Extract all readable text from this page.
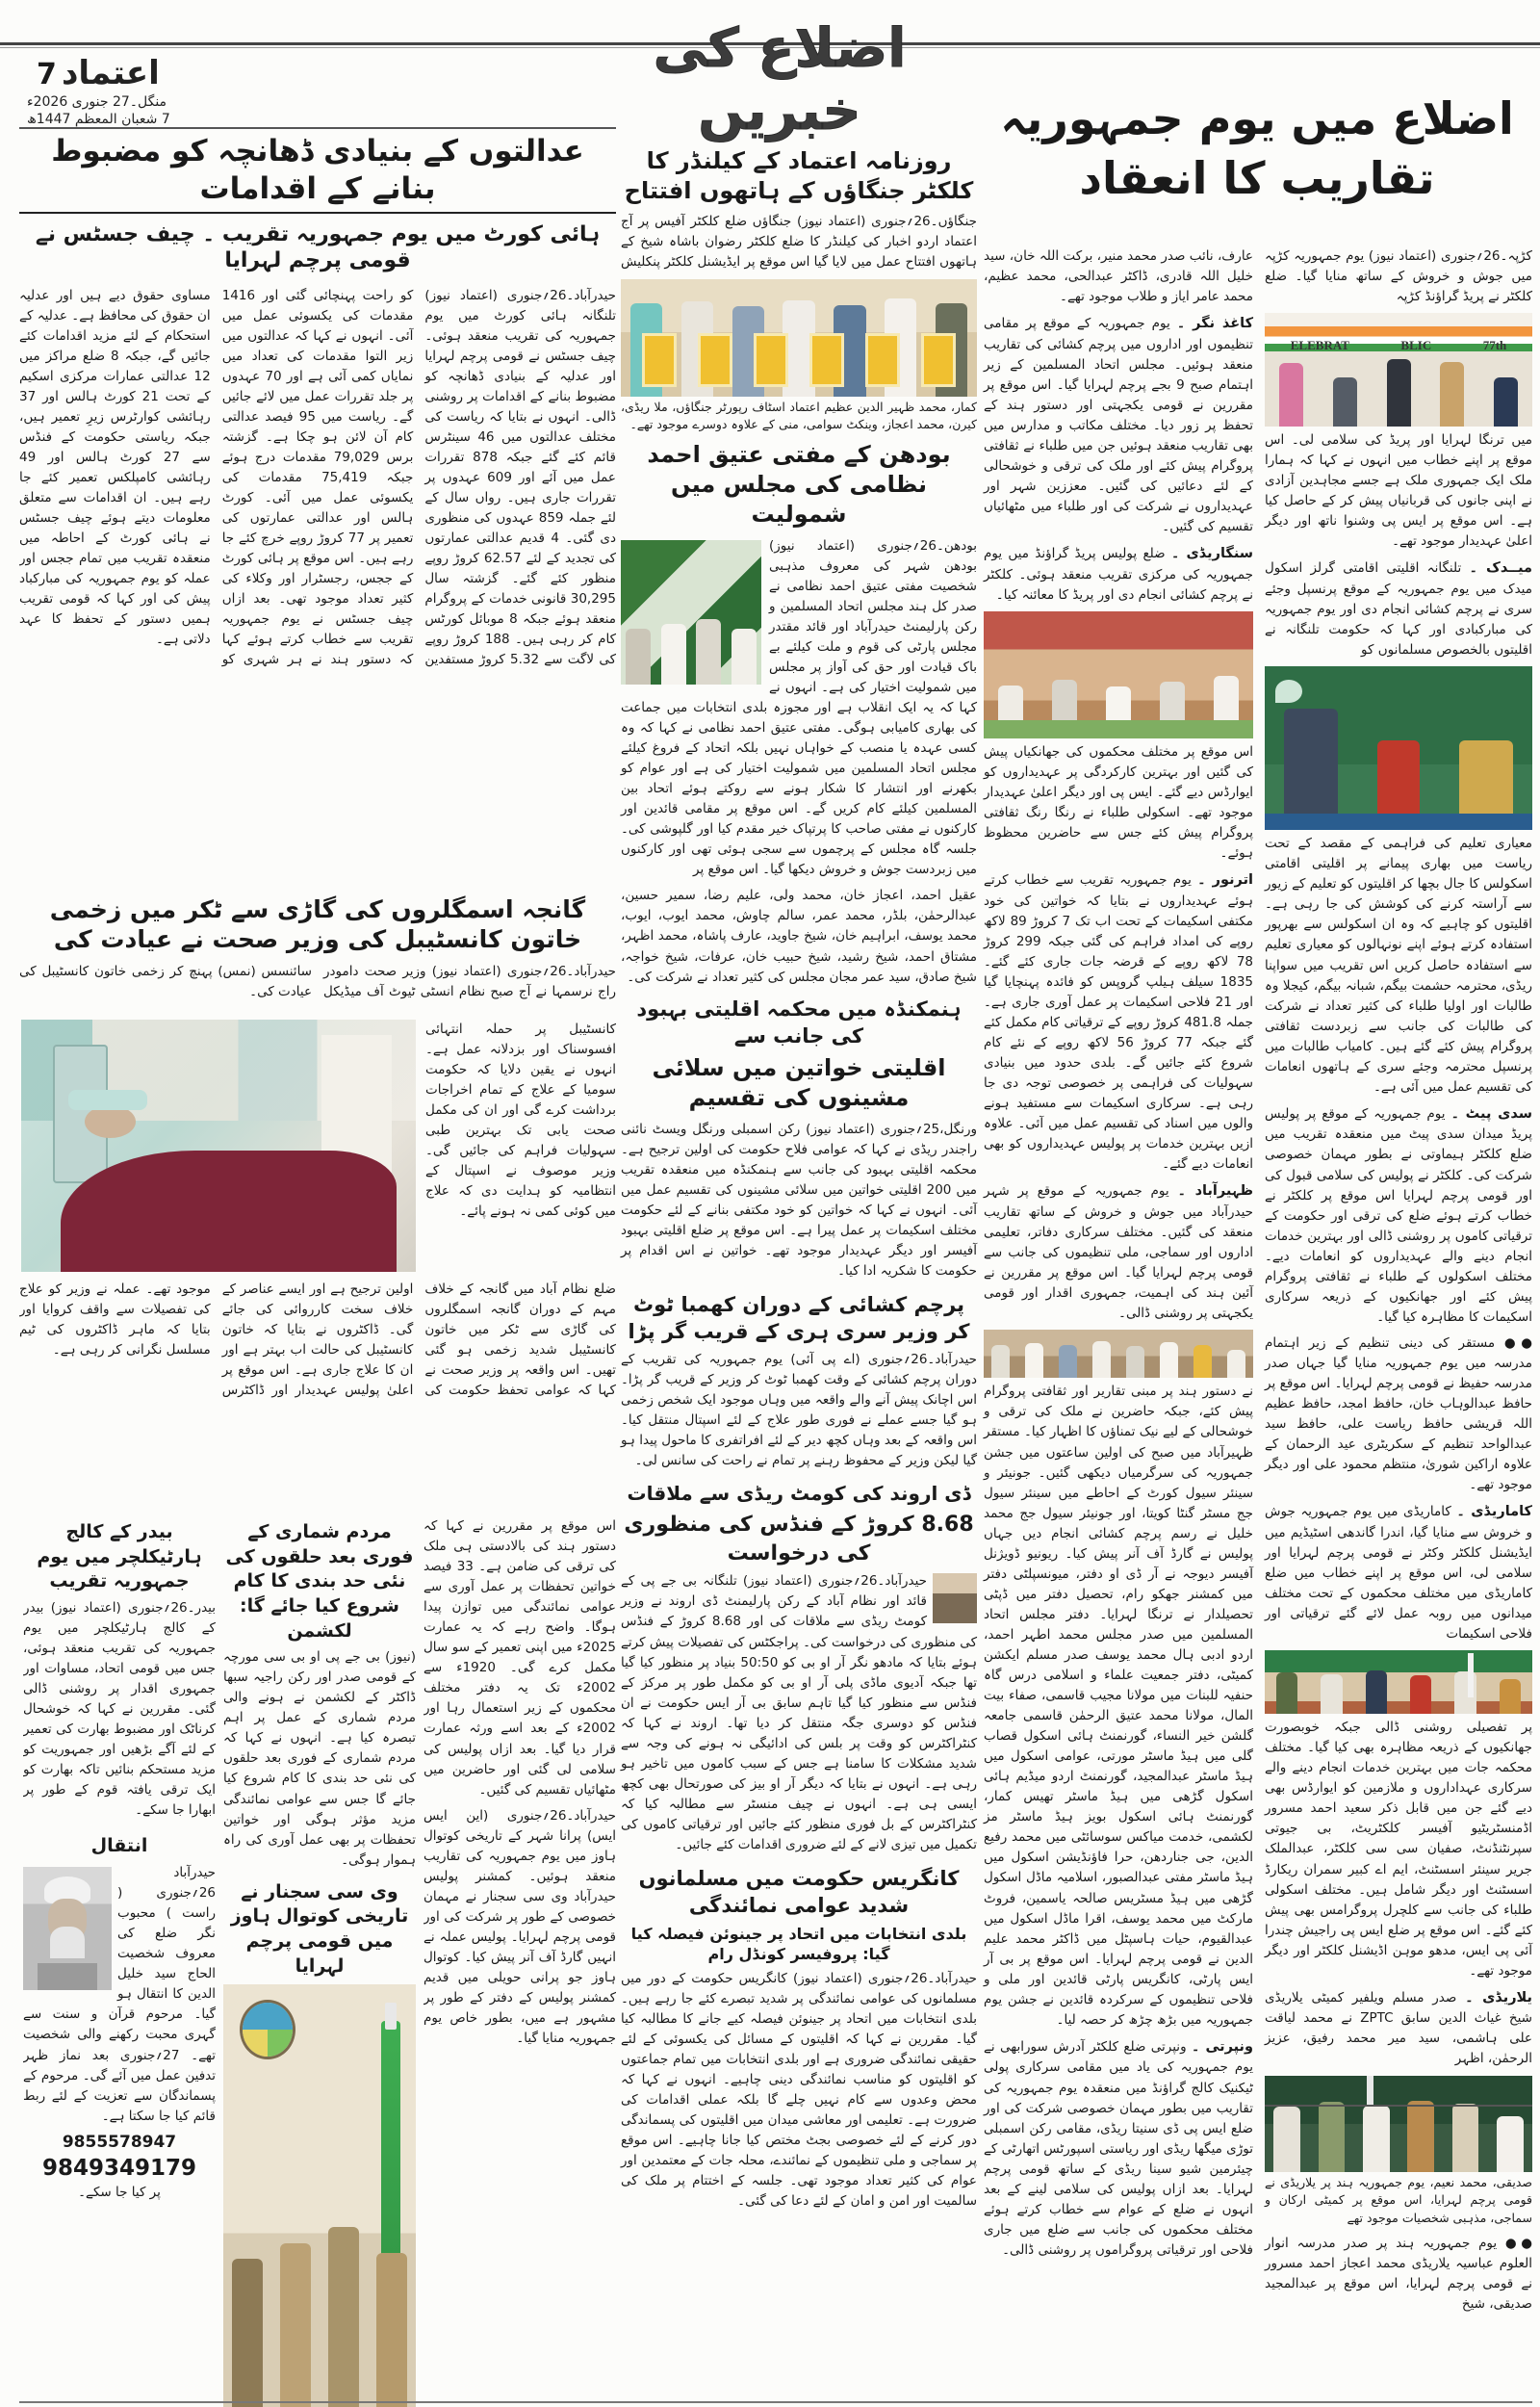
اعتماد 7
منگل۔27 جنوری 2026ء
7 شعبان المعظم 1447ھ
اضلاع کی خبریں
عدالتوں کے بنیادی ڈھانچہ کو مضبوط بنانے کے اقدامات
ہائی کورٹ میں یوم جمہوریہ تقریب ۔ چیف جسٹس نے قومی پرچم لہرایا

حیدرآباد۔26؍جنوری (اعتماد نیوز) تلنگانہ ہائی کورٹ میں یوم جمہوریہ کی تقریب منعقد ہوئی۔ چیف جسٹس نے قومی پرچم لہرایا اور عدلیہ کے بنیادی ڈھانچہ کو مضبوط بنانے کے اقدامات پر روشنی ڈالی۔ انہوں نے بتایا کہ ریاست کی مختلف عدالتوں میں 46 سینٹرس قائم کئے گئے جبکہ 878 تقررات عمل میں آئے اور 609 عہدوں پر تقررات جاری ہیں۔ رواں سال کے لئے جملہ 859 عہدوں کی منظوری دی گئی۔ 4 قدیم عدالتی عمارتوں کی تجدید کے لئے 62.57 کروڑ روپے منظور کئے گئے۔ گزشتہ سال 30,295 قانونی خدمات کے پروگرام منعقد ہوئے جبکہ 8 موبائل کورٹس کام کر رہی ہیں۔ 188 کروڑ روپے کی لاگت سے 5.32 کروڑ مستفدین کو راحت پہنچائی گئی اور 1416 مقدمات کی یکسوئی عمل میں آئی۔ انہوں نے کہا کہ عدالتوں میں زیر التوا مقدمات کی تعداد میں نمایاں کمی آئی ہے اور 70 عہدوں پر جلد تقررات عمل میں لائے جائیں گے۔ ریاست میں 95 فیصد عدالتی کام آن لائن ہو چکا ہے۔ گزشتہ برس 79,029 مقدمات درج ہوئے جبکہ 75,419 مقدمات کی یکسوئی عمل میں آئی۔ کورٹ ہالس اور عدالتی عمارتوں کی تعمیر پر 77 کروڑ روپے خرچ کئے جا رہے ہیں۔ اس موقع پر ہائی کورٹ کے ججس، رجسٹرار اور وکلاء کی کثیر تعداد موجود تھی۔ بعد ازاں چیف جسٹس نے یوم جمہوریہ تقریب سے خطاب کرتے ہوئے کہا کہ دستور ہند نے ہر شہری کو مساوی حقوق دیے ہیں اور عدلیہ ان حقوق کی محافظ ہے۔ عدلیہ کے استحکام کے لئے مزید اقدامات کئے جائیں گے، جبکہ 8 ضلع مراکز میں 12 عدالتی عمارات مرکزی اسکیم کے تحت 21 کورٹ ہالس اور 37 رہائشی کوارٹرس زیرِ تعمیر ہیں، جبکہ ریاستی حکومت کے فنڈس سے 27 کورٹ ہالس اور 49 رہائشی کامپلکس تعمیر کئے جا رہے ہیں۔ ان اقدامات سے متعلق معلومات دیتے ہوئے چیف جسٹس نے ہائی کورٹ کے احاطہ میں منعقدہ تقریب میں تمام ججس اور عملہ کو یوم جمہوریہ کی مبارکباد پیش کی اور کہا کہ قومی تقریب ہمیں دستور کے تحفظ کا عہد دلاتی ہے۔

گانجہ اسمگلروں کی گاڑی سے ٹکر میں زخمی خاتون کانسٹیبل کی وزیر صحت نے عیادت کی

حیدرآباد۔26؍جنوری (اعتماد نیوز) وزیر صحت دامودر راج نرسمہا نے آج صبح نظام انسٹی ٹیوٹ آف میڈیکل سائنسس (نمس) پہنچ کر زخمی خاتون کانسٹیبل کی عیادت کی۔

کانسٹیبل پر حملہ انتہائی افسوسناک اور بزدلانہ عمل ہے۔ انہوں نے یقین دلایا کہ حکومت سومیا کے علاج کے تمام اخراجات برداشت کرے گی اور ان کی مکمل صحت یابی تک بہترین طبی سہولیات فراہم کی جائیں گی۔ وزیر موصوف نے اسپتال کے انتظامیہ کو ہدایت دی کہ علاج میں کوئی کمی نہ ہونے پائے۔

ضلع نظام آباد میں گانجہ کے خلاف مہم کے دوران گانجہ اسمگلروں کی گاڑی سے ٹکر میں خاتون کانسٹیبل شدید زخمی ہو گئی تھیں۔ اس واقعہ پر وزیر صحت نے کہا کہ عوامی تحفظ حکومت کی اولین ترجیح ہے اور ایسے عناصر کے خلاف سخت کارروائی کی جائے گی۔ ڈاکٹروں نے بتایا کہ خاتون کانسٹیبل کی حالت اب بہتر ہے اور ان کا علاج جاری ہے۔ اس موقع پر اعلیٰ پولیس عہدیدار اور ڈاکٹرس موجود تھے۔ عملہ نے وزیر کو علاج کی تفصیلات سے واقف کروایا اور بتایا کہ ماہر ڈاکٹروں کی ٹیم مسلسل نگرانی کر رہی ہے۔

اس موقع پر مقررین نے کہا کہ دستور ہند کی بالادستی ہی ملک کی ترقی کی ضامن ہے۔ 33 فیصد خواتین تحفظات پر عمل آوری سے عوامی نمائندگی میں توازن پیدا ہوگا۔ واضح رہے کہ یہ عمارت 2025ء میں اپنی تعمیر کے سو سال مکمل کرے گی۔ 1920ء سے 2002ء تک یہ دفتر مختلف محکموں کے زیر استعمال رہا اور 2002ء کے بعد اسے ورثہ عمارت قرار دیا گیا۔ بعد ازاں پولیس کی سلامی لی گئی اور حاضرین میں مٹھائیاں تقسیم کی گئیں۔

حیدرآباد۔26؍جنوری (این ایس ایس) پرانا شہر کے تاریخی کوتوال ہاوز میں یوم جمہوریہ کی تقاریب منعقد ہوئیں۔ کمشنر پولیس حیدرآباد وی سی سجنار نے مہمان خصوصی کے طور پر شرکت کی اور قومی پرچم لہرایا۔ پولیس عملہ نے انہیں گارڈ آف آنر پیش کیا۔ کوتوال ہاوز جو پرانی حویلی میں قدیم کمشنر پولیس کے دفتر کے طور پر مشہور ہے میں، بطور خاص یوم جمہوریہ منایا گیا۔

مردم شماری کے فوری بعد حلقوں کی نئی حد بندی کا کام شروع کیا جائے گا: لکشمن

(نیوز) بی جے پی او بی سی مورچہ کے قومی صدر اور رکن راجیہ سبھا ڈاکٹر کے لکشمن نے ہونے والی مردم شماری کے عمل پر اہم تبصرہ کیا ہے۔ انہوں نے کہا کہ مردم شماری کے فوری بعد حلقوں کی نئی حد بندی کا کام شروع کیا جائے گا جس سے عوامی نمائندگی مزید مؤثر ہوگی اور خواتین تحفظات پر بھی عمل آوری کی راہ ہموار ہوگی۔

وی سی سجنار نے تاریخی کوتوال ہاوز میں قومی پرچم لہرایا
بیدر کے کالج ہارٹیکلچر میں یوم جمہوریہ تقریب

بیدر۔26؍جنوری (اعتماد نیوز) بیدر کے کالج ہارٹیکلچر میں یوم جمہوریہ کی تقریب منعقد ہوئی، جس میں قومی اتحاد، مساوات اور جمہوری اقدار پر روشنی ڈالی گئی۔ مقررین نے کہا کہ خوشحال کرناٹک اور مضبوط بھارت کی تعمیر کے لئے آگے بڑھیں اور جمہوریت کو مزید مستحکم بنائیں تاکہ بھارت کو ایک ترقی یافتہ قوم کے طور پر ابھارا جا سکے۔

انتقال

حیدرآباد 26؍جنوری ( راست ) محبوب نگر ضلع کی معروف شخصیت الحاج سید خلیل الدین کا انتقال ہو گیا۔ مرحوم قرآن و سنت سے گہری محبت رکھنے والی شخصیت تھے۔ 27؍جنوری بعد نماز ظہر تدفین عمل میں آئے گی۔ مرحوم کے پسماندگان سے تعزیت کے لئے ربط قائم کیا جا سکتا ہے۔

9855578947
9849349179

پر کیا جا سکے۔

روزنامہ اعتماد کے کیلنڈر کا کلکٹر جنگاؤں کے ہاتھوں افتتاح

جنگاؤں۔26؍جنوری (اعتماد نیوز) جنگاؤں ضلع کلکٹر آفیس پر آج اعتماد اردو اخبار کی کیلنڈر کا ضلع کلکٹر رضوان باشاہ شیخ کے ہاتھوں افتتاح عمل میں لایا گیا اس موقع پر ایڈیشنل کلکٹر پنکلیش

کمار، محمد ظہیر الدین عظیم اعتماد اسٹاف رپورٹر جنگاؤں، ملا ریڈی، کیرن، محمد اعجاز، وینکٹ سوامی، منی کے علاوہ دوسرے موجود تھے۔

بودھن کے مفتی عتیق احمد نظامی کی مجلس میں شمولیت

بودھن۔26؍جنوری (اعتماد نیوز) بودھن شہر کی معروف مذہبی شخصیت مفتی عتیق احمد نظامی نے صدر کل ہند مجلس اتحاد المسلمین و رکن پارلیمنٹ حیدرآباد اور قائد مقتدر مجلس پارٹی کی قوم و ملت کیلئے بے باک قیادت اور حق کی آواز پر مجلس میں شمولیت اختیار کی ہے۔ انہوں نے کہا کہ یہ ایک انقلاب ہے اور مجوزہ بلدی انتخابات میں جماعت کی بھاری کامیابی ہوگی۔ مفتی عتیق احمد نظامی نے کہا کہ وہ کسی عہدہ یا منصب کے خواہاں نہیں بلکہ اتحاد کے فروغ کیلئے مجلس اتحاد المسلمین میں شمولیت اختیار کی ہے اور عوام کو بکھرنے اور انتشار کا شکار ہونے سے روکتے ہوئے اتحاد بین المسلمین کیلئے کام کریں گے۔ اس موقع پر مقامی قائدین اور کارکنوں نے مفتی صاحب کا پرتپاک خیر مقدم کیا اور گلپوشی کی۔ جلسہ گاہ مجلس کے پرچموں سے سجی ہوئی تھی اور کارکنوں میں زبردست جوش و خروش دیکھا گیا۔ اس موقع پر

عقیل احمد، اعجاز خان، محمد ولی، علیم رضا، سمیر حسین، عبدالرحمٰن، بلڈر، محمد عمر، سالم چاوش، محمد ایوب، ایوب، محمد یوسف، ابراہیم خان، شیخ جاوید، عارف پاشاہ، محمد اظہر، مشتاق احمد، شیخ رشید، شیخ حبیب خان، عرفات، شیخ خواجہ، شیخ صادق، سید عمر مجان مجلس کی کثیر تعداد نے شرکت کی۔

ہنمکنڈہ میں محکمہ اقلیتی بہبود کی جانب سے
اقلیتی خواتین میں سلائی مشینوں کی تقسیم

ورنگل،25؍جنوری (اعتماد نیوز) رکن اسمبلی ورنگل ویسٹ نائنی راجندر ریڈی نے کہا کہ عوامی فلاح حکومت کی اولین ترجیح ہے۔ محکمہ اقلیتی بہبود کی جانب سے ہنمکنڈہ میں منعقدہ تقریب میں 200 اقلیتی خواتین میں سلائی مشینوں کی تقسیم عمل میں آئی۔ انہوں نے کہا کہ خواتین کو خود مکتفی بنانے کے لئے حکومت مختلف اسکیمات پر عمل پیرا ہے۔ اس موقع پر ضلع اقلیتی بہبود آفیسر اور دیگر عہدیدار موجود تھے۔ خواتین نے اس اقدام پر حکومت کا شکریہ ادا کیا۔

پرچم کشائی کے دوران کھمبا ٹوٹ کر وزیر سری ہری کے قریب گر پڑا

حیدرآباد۔26؍جنوری (اے پی آئی) یوم جمہوریہ کی تقریب کے دوران پرچم کشائی کے وقت کھمبا ٹوٹ کر وزیر کے قریب گر پڑا۔ اس اچانک پیش آنے والے واقعہ میں وہاں موجود ایک شخص زخمی ہو گیا جسے عملے نے فوری طور علاج کے لئے اسپتال منتقل کیا۔ اس واقعہ کے بعد وہاں کچھ دیر کے لئے افراتفری کا ماحول پیدا ہو گیا لیکن وزیر کے محفوظ رہنے پر تمام نے راحت کی سانس لی۔

ڈی اروند کی کومٹ ریڈی سے ملاقات
8.68 کروڑ کے فنڈس کی منظوری کی درخواست

حیدرآباد۔26؍جنوری (اعتماد نیوز) تلنگانہ بی جے پی کے قائد اور نظام آباد کے رکن پارلیمنٹ ڈی اروند نے وزیر کومٹ ریڈی سے ملاقات کی اور 8.68 کروڑ کے فنڈس کی منظوری کی درخواست کی۔ پراجکٹس کی تفصیلات پیش کرتے ہوئے بتایا کہ مادھو نگر آر او بی کو 50:50 بنیاد پر منظور کیا گیا تھا جبکہ آدیوی ماڈی پلی آر او بی کو مکمل طور پر مرکز کے فنڈس سے منظور کیا گیا تاہم سابق بی آر ایس حکومت نے ان فنڈس کو دوسری جگہ منتقل کر دیا تھا۔ اروند نے کہا کہ کنٹراکٹرس کو وقت پر بلس کی ادائیگی نہ ہونے کی وجہ سے شدید مشکلات کا سامنا ہے جس کے سبب کاموں میں تاخیر ہو رہی ہے۔ انہوں نے بتایا کہ دیگر آر او بیز کی صورتحال بھی کچھ ایسی ہی ہے۔ انہوں نے چیف منسٹر سے مطالبہ کیا کہ کنٹراکٹرس کے بل فوری منظور کئے جائیں اور ترقیاتی کاموں کی تکمیل میں تیزی لانے کے لئے ضروری اقدامات کئے جائیں۔

کانگریس حکومت میں مسلمانوں شدید عوامی نمائندگی
بلدی انتخابات میں اتحاد پر جینوئن فیصلہ کیا گیا: پروفیسر کونڈل رام

حیدرآباد۔26؍جنوری (اعتماد نیوز) کانگریس حکومت کے دور میں مسلمانوں کی عوامی نمائندگی پر شدید تبصرے کئے جا رہے ہیں۔ بلدی انتخابات میں اتحاد پر جینوئن فیصلہ کیے جانے کا مطالبہ کیا گیا۔ مقررین نے کہا کہ اقلیتوں کے مسائل کی یکسوئی کے لئے حقیقی نمائندگی ضروری ہے اور بلدی انتخابات میں تمام جماعتوں کو اقلیتوں کو مناسب نمائندگی دینی چاہیے۔ انہوں نے کہا کہ محض وعدوں سے کام نہیں چلے گا بلکہ عملی اقدامات کی ضرورت ہے۔ تعلیمی اور معاشی میدان میں اقلیتوں کی پسماندگی دور کرنے کے لئے خصوصی بجٹ مختص کیا جانا چاہیے۔ اس موقع پر سماجی و ملی تنظیموں کے نمائندے، محلہ جات کے معتمدین اور عوام کی کثیر تعداد موجود تھی۔ جلسہ کے اختتام پر ملک کی سالمیت اور امن و امان کے لئے دعا کی گئی۔

اضلاع میں یوم جمہوریہ تقاریب کا انعقاد

عارف، نائب صدر محمد منیر، برکت اللہ خان، سید خلیل اللہ قادری، ڈاکٹر عبدالحی، محمد عظیم، محمد عامر ایاز و طلاب موجود تھے۔

کاغذ نگر ۔ یوم جمہوریہ کے موقع پر مقامی تنظیموں اور اداروں میں پرچم کشائی کی تقاریب منعقد ہوئیں۔ مجلس اتحاد المسلمین کے زیر اہتمام صبح 9 بجے پرچم لہرایا گیا۔ اس موقع پر مقررین نے قومی یکجہتی اور دستور ہند کے تحفظ پر زور دیا۔ مختلف مکاتب و مدارس میں بھی تقاریب منعقد ہوئیں جن میں طلباء نے ثقافتی پروگرام پیش کئے اور ملک کی ترقی و خوشحالی کے لئے دعائیں کی گئیں۔ معززین شہر اور عہدیداروں نے شرکت کی اور طلباء میں مٹھائیاں تقسیم کی گئیں۔

سنگاریڈی ۔ ضلع پولیس پریڈ گراؤنڈ میں یوم جمہوریہ کی مرکزی تقریب منعقد ہوئی۔ کلکٹر نے پرچم کشائی انجام دی اور پریڈ کا معائنہ کیا۔

اس موقع پر مختلف محکموں کی جھانکیاں پیش کی گئیں اور بہترین کارکردگی پر عہدیداروں کو ایوارڈس دیے گئے۔ ایس پی اور دیگر اعلیٰ عہدیدار موجود تھے۔ اسکولی طلباء نے رنگا رنگ ثقافتی پروگرام پیش کئے جس سے حاضرین محظوظ ہوئے۔

اترنور ۔ یوم جمہوریہ تقریب سے خطاب کرتے ہوئے عہدیداروں نے بتایا کہ خواتین کی خود مکتفی اسکیمات کے تحت اب تک 7 کروڑ 89 لاکھ روپے کی امداد فراہم کی گئی جبکہ 299 کروڑ 78 لاکھ روپے کے قرضہ جات جاری کئے گئے۔ 1835 سیلف ہیلپ گروپس کو فائدہ پہنچایا گیا اور 21 فلاحی اسکیمات پر عمل آوری جاری ہے۔ جملہ 481.8 کروڑ روپے کے ترقیاتی کام مکمل کئے گئے جبکہ 77 کروڑ 56 لاکھ روپے کے نئے کام شروع کئے جائیں گے۔ بلدی حدود میں بنیادی سہولیات کی فراہمی پر خصوصی توجہ دی جا رہی ہے۔ سرکاری اسکیمات سے مستفید ہونے والوں میں اسناد کی تقسیم عمل میں آئی۔ علاوہ ازیں بہترین خدمات پر پولیس عہدیداروں کو بھی انعامات دیے گئے۔

ظہیرآباد ۔ یوم جمہوریہ کے موقع پر شہر حیدرآباد میں جوش و خروش کے ساتھ تقاریب منعقد کی گئیں۔ مختلف سرکاری دفاتر، تعلیمی اداروں اور سماجی، ملی تنظیموں کی جانب سے قومی پرچم لہرایا گیا۔ اس موقع پر مقررین نے آئین ہند کی اہمیت، جمہوری اقدار اور قومی یکجہتی پر روشنی ڈالی۔

نے دستور ہند پر مبنی تقاریر اور ثقافتی پروگرام پیش کئے، جبکہ حاضرین نے ملک کی ترقی و خوشحالی کے لیے نیک تمناؤں کا اظہار کیا۔ مستقر ظہیرآباد میں صبح کی اولین ساعتوں میں جشن جمہوریہ کی سرگرمیاں دیکھی گئیں۔ جونیئر و سینئر سیول کورٹ کے احاطے میں سینئر سیول جج مسٹر گنٹا کویتا، اور جونیئر سیول جج محمد خلیل نے رسم پرچم کشائی انجام دیں جہاں پولیس نے گارڈ آف آنر پیش کیا۔ ریونیو ڈویژنل آفیسر دیوجہ نے آر ڈی او دفتر، میونسپلٹی دفتر میں کمشنر جھکو رام، تحصیل دفتر میں ڈپٹی تحصیلدار نے ترنگا لہرایا۔ دفتر مجلس اتحاد المسلمین میں صدر مجلس محمد اطہر احمد، اردو ادبی ہال محمد یوسف صدر مسلم ایکشن کمیٹی، دفتر جمعیت علماء و اسلامی درس گاہ حنفیہ للبنات میں مولانا مجیب قاسمی، صفاء بیت المال، مولانا محمد عتیق الرحمٰن قاسمی جامعہ گلشن خیر النساء، گورنمنٹ ہائی اسکول قصاب گلی میں ہیڈ ماسٹر مورتی، عوامی اسکول میں ہیڈ ماسٹر عبدالمجید، گورنمنٹ اردو میڈیم ہائی اسکول گڑھی میں ہیڈ ماسٹر تھیس کمار، گورنمنٹ ہائی اسکول بویز ہیڈ ماسٹر مز لکشمی، خدمت میاکس سوسائٹی میں محمد رفیع الدین، جی جناردھن، حرا فاؤنڈیشن اسکول میں ہیڈ ماسٹر مفتی عبدالصبور، اسلامیہ ماڈل اسکول گڑھی میں ہیڈ مسٹریس صالحہ یاسمین، فروٹ مارکٹ میں محمد یوسف، اقرا ماڈل اسکول میں عبدالقیوم، حیات ہاسپٹل میں ڈاکٹر محمد علیم الدین نے قومی پرچم لہرایا۔ اس موقع پر بی آر ایس پارٹی، کانگریس پارٹی قائدین اور ملی و فلاحی تنظیموں کے سرکردہ قائدین نے جشن یوم جمہوریہ میں بڑھ چڑھ کر حصہ لیا۔

ونپرتی ۔ ونپرتی ضلع کلکٹر آدرش سورابھی نے یوم جمہوریہ کی یاد میں مقامی سرکاری پولی ٹیکنیک کالج گراؤنڈ میں منعقدہ یوم جمہوریہ کی تقاریب میں بطور مہمان خصوصی شرکت کی اور ضلع ایس پی ڈی سنیتا ریڈی، مقامی رکن اسمبلی توڑی میگھا ریڈی اور ریاستی اسپورٹس اتھارٹی کے چیئرمین شیو سینا ریڈی کے ساتھ قومی پرچم لہرایا۔ بعد ازاں پولیس کی سلامی لینے کے بعد انہوں نے ضلع کے عوام سے خطاب کرتے ہوئے مختلف محکموں کی جانب سے ضلع میں جاری فلاحی اور ترقیاتی پروگراموں پر روشنی ڈالی۔

کڑپہ۔26؍جنوری (اعتماد نیوز) یوم جمہوریہ کڑپہ میں جوش و خروش کے ساتھ منایا گیا۔ ضلع کلکٹر نے پریڈ گراؤنڈ کڑپہ

77th
BLIC
ELEBRAT

میں ترنگا لہرایا اور پریڈ کی سلامی لی۔ اس موقع پر اپنے خطاب میں انہوں نے کہا کہ ہمارا ملک ایک جمہوری ملک ہے جسے مجاہدین آزادی نے اپنی جانوں کی قربانیاں پیش کر کے حاصل کیا ہے۔ اس موقع پر ایس پی وشنوا ناتھ اور دیگر اعلیٰ عہدیدار موجود تھے۔

میــدک ۔ تلنگانہ اقلیتی اقامتی گرلز اسکول میدک میں یوم جمہوریہ کے موقع پرنسپل وجئے سری نے پرچم کشائی انجام دی اور یوم جمہوریہ کی مبارکبادی اور کہا کہ حکومت تلنگانہ نے اقلیتوں بالخصوص مسلمانوں کو

معیاری تعلیم کی فراہمی کے مقصد کے تحت ریاست میں بھاری پیمانے پر اقلیتی اقامتی اسکولس کا جال بچھا کر اقلیتوں کو تعلیم کے زیور سے آراستہ کرنے کی کوشش کی جا رہی ہے۔ اقلیتوں کو چاہیے کہ وہ ان اسکولس سے بھرپور استفادہ کرتے ہوئے اپنے نونہالوں کو معیاری تعلیم سے استفادہ حاصل کریں اس تقریب میں سواپنا ریڈی، محترمہ حشمت بیگم، شبانہ بیگم، کیجلا وہ طالبات اور اولیا طلباء کی کثیر تعداد نے شرکت کی طالبات کی جانب سے زبردست ثقافتی پروگرام پیش کئے گئے ہیں۔ کامیاب طالبات میں پرنسپل محترمہ وجئے سری کے ہاتھوں انعامات کی تقسیم عمل میں آئی ہے۔

سدی پیٹ ۔ یوم جمہوریہ کے موقع پر پولیس پریڈ میدان سدی پیٹ میں منعقدہ تقریب میں ضلع کلکٹر ہیماوتی نے بطور مہمان خصوصی شرکت کی۔ کلکٹر نے پولیس کی سلامی قبول کی اور قومی پرچم لہرایا اس موقع پر کلکٹر نے خطاب کرتے ہوئے ضلع کی ترقی اور حکومت کے ترقیاتی کاموں پر روشنی ڈالی اور بہترین خدمات انجام دینے والے عہدیداروں کو انعامات دیے۔ مختلف اسکولوں کے طلباء نے ثقافتی پروگرام پیش کئے اور جھانکیوں کے ذریعہ سرکاری اسکیمات کا مظاہرہ کیا گیا۔

●● مستقر کی دینی تنظیم کے زیر اہتمام مدرسہ میں یوم جمہوریہ منایا گیا جہاں صدر مدرسہ حفیظ نے قومی پرچم لہرایا۔ اس موقع پر حافظ عبدالوہاب خان، حافظ امجد، حافظ عظیم اللہ قریشی حافظ ریاست علی، حافظ سید عبدالواحد تنظیم کے سکریٹری عید الرحمان کے علاوہ اراکین شوریٰ، منتظم محمود علی اور دیگر موجود تھے۔

کاماریڈی ۔ کاماریڈی میں یوم جمہوریہ جوش و خروش سے منایا گیا، اندرا گاندھی اسٹیڈیم میں ایڈیشنل کلکٹر وکٹر نے قومی پرچم لہرایا اور سلامی لی، اس موقع پر اپنے خطاب میں ضلع کاماریڈی میں مختلف محکموں کے تحت مختلف میدانوں میں روبہ عمل لائے گئے ترقیاتی اور فلاحی اسکیمات

پر تفصیلی روشنی ڈالی جبکہ خوبصورت جھانکیوں کے ذریعہ مظاہرہ بھی کیا گیا۔ مختلف محکمہ جات میں بہترین خدمات انجام دینے والے سرکاری عہداداروں و ملازمین کو ایوارڈس بھی دیے گئے جن میں قابل ذکر سعید احمد مسرور اڈمنسٹریٹیو آفیسر کلکٹریٹ، بی جیوتی سپرنٹنڈنٹ، صفیان سی سی کلکٹر، عبدالملک جریر سینئر اسسٹنٹ، ایم اے کبیر سمران ریکارڈ اسسٹنٹ اور دیگر شامل ہیں۔ مختلف اسکولی طلباء کی جانب سے کلچرل پروگرامس بھی پیش کئے گئے۔ اس موقع پر ضلع ایس پی راجیش چندرا آئی پی ایس، مدھو موہن اڈیشنل کلکٹر اور دیگر موجود تھے۔

یلاریڈی ۔ صدر مسلم ویلفیر کمیٹی یلاریڈی شیخ غیاث الدین سابق ZPTC نے محمد لیاقت علی ہاشمی، سید میر محمد رفیق، عزیز الرحمٰن، اظہر

صدیقی، محمد نعیم، یوم جمہوریہ ہند پر یلاریڈی نے قومی پرچم لہرایا، اس موقع پر کمیٹی ارکان و سماجی، مذہبی شخصیات موجود تھے

●● یوم جمہوریہ ہند پر صدر مدرسہ انوار العلوم عباسیہ یلاریڈی محمد اعجاز احمد مسرور نے قومی پرچم لہرایا، اس موقع پر عبدالمجید صدیقی، شیخ
